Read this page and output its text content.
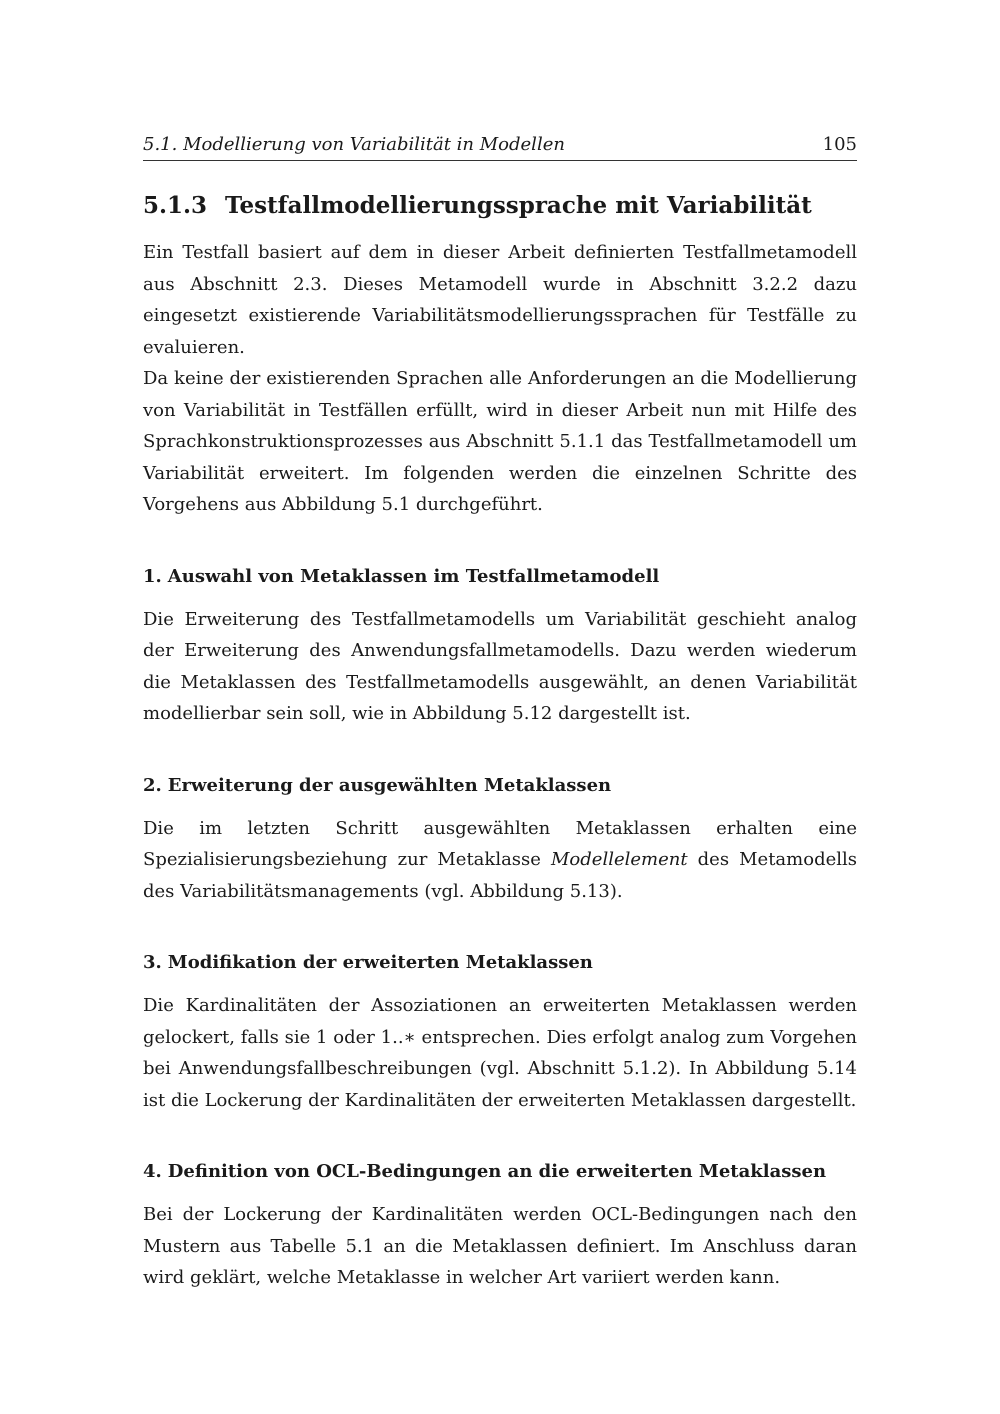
5.1. Modellierung von Variabilität in Modellen	105
5.1.3 Testfallmodellierungssprache mit Variabilität

Ein Testfall basiert auf dem in dieser Arbeit definierten Testfallmetamodell aus Abschnitt 2.3. Dieses Metamodell wurde in Abschnitt 3.2.2 dazu eingesetzt existierende Variabilitätsmodellierungssprachen für Testfälle zu evaluieren.

Da keine der existierenden Sprachen alle Anforderungen an die Modellierung von Variabilität in Testfällen erfüllt, wird in dieser Arbeit nun mit Hilfe des Sprachkonstruktionsprozesses aus Abschnitt 5.1.1 das Testfallmetamodell um Variabilität erweitert. Im folgenden werden die einzelnen Schritte des Vorgehens aus Abbildung 5.1 durchgeführt.

1. Auswahl von Metaklassen im Testfallmetamodell

Die Erweiterung des Testfallmetamodells um Variabilität geschieht analog der Erweiterung des Anwendungsfallmetamodells. Dazu werden wiederum die Metaklassen des Testfallmetamodells ausgewählt, an denen Variabilität modellierbar sein soll, wie in Abbildung 5.12 dargestellt ist.

2. Erweiterung der ausgewählten Metaklassen

Die im letzten Schritt ausgewählten Metaklassen erhalten eine Spezialisierungsbeziehung zur Metaklasse Modellelement des Metamodells des Variabilitätsmanagements (vgl. Abbildung 5.13).

3. Modifikation der erweiterten Metaklassen

Die Kardinalitäten der Assoziationen an erweiterten Metaklassen werden gelockert, falls sie 1 oder 1..∗ entsprechen. Dies erfolgt analog zum Vorgehen bei Anwendungsfallbeschreibungen (vgl. Abschnitt 5.1.2). In Abbildung 5.14 ist die Lockerung der Kardinalitäten der erweiterten Metaklassen dargestellt.

4. Definition von OCL-Bedingungen an die erweiterten Metaklassen

Bei der Lockerung der Kardinalitäten werden OCL-Bedingungen nach den Mustern aus Tabelle 5.1 an die Metaklassen definiert. Im Anschluss daran wird geklärt, welche Metaklasse in welcher Art variiert werden kann.
